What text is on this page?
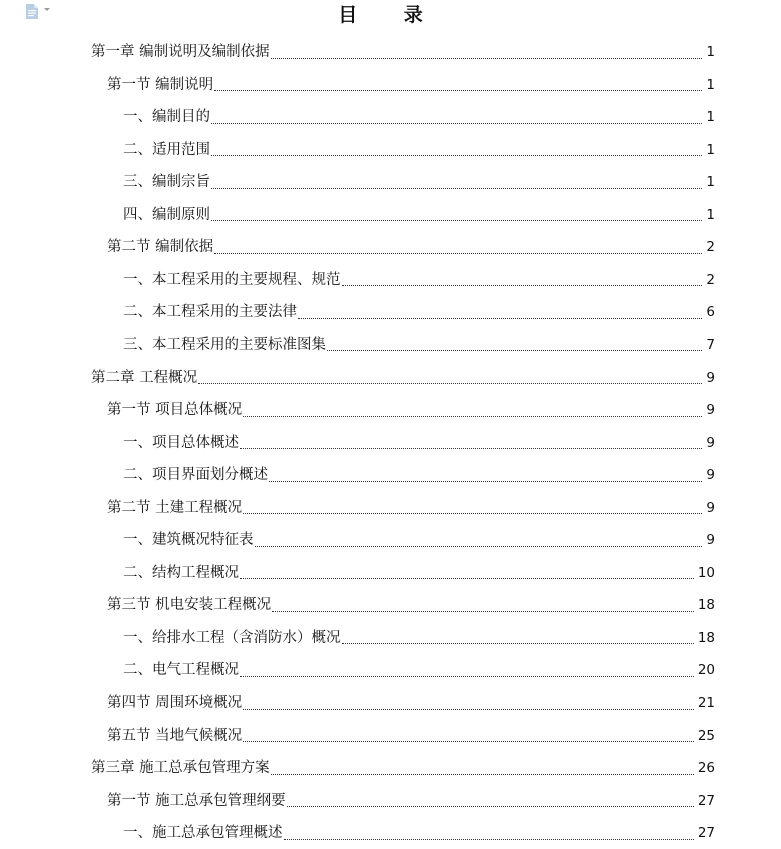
目 录
第一章 编制说明及编制依据	1
第一节 编制说明	1
一、编制目的	1
二、适用范围	1
三、编制宗旨	1
四、编制原则	1
第二节 编制依据	2
一、本工程采用的主要规程、规范	2
二、本工程采用的主要法律	6
三、本工程采用的主要标准图集	7
第二章 工程概况	9
第一节 项目总体概况	9
一、项目总体概述	9
二、项目界面划分概述	9
第二节 土建工程概况	9
一、建筑概况特征表	9
二、结构工程概况	10
第三节 机电安装工程概况	18
一、给排水工程（含消防水）概况	18
二、电气工程概况	20
第四节 周围环境概况	21
第五节 当地气候概况	25
第三章 施工总承包管理方案	26
第一节 施工总承包管理纲要	27
一、施工总承包管理概述	27
